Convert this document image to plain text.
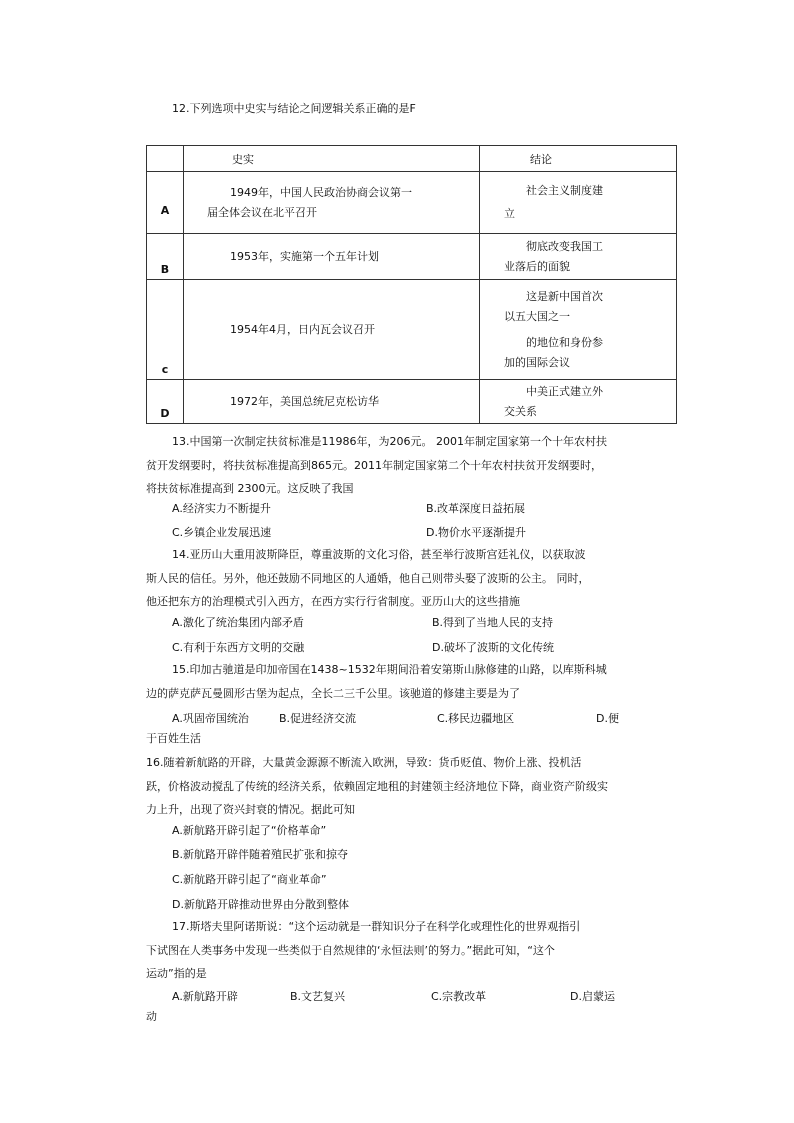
12.下列选项中史实与结论之间逻辑关系正确的是F
	史实	结论
A	1949年，中国人民政治协商会议第一
届全体会议在北平召开	社会主义制度建
立

B	1953年，实施第一个五年计划	彻底改变我国工
业落后的面貌

c	1954年4月，日内瓦会议召开	这是新中国首次
以五大国之一
的地位和身份参
加的国际会议

D	1972年，美国总统尼克松访华	中美正式建立外
交关系
13.中国第一次制定扶贫标准是11986年，为206元。 2001年制定国家第一个十年农村扶
贫开发纲要时，将扶贫标准提高到865元。2011年制定国家第二个十年农村扶贫开发纲要时，
将扶贫标准提高到 2300元。这反映了我国
A.经济实力不断提升	B.改革深度日益拓展
C.乡镇企业发展迅速	D.物价水平逐渐提升
14.亚历山大重用波斯降臣，尊重波斯的文化习俗，甚至举行波斯宫廷礼仪，以获取波
斯人民的信任。另外，他还鼓励不同地区的人通婚，他自己则带头娶了波斯的公主。 同时，
他还把东方的治理模式引入西方，在西方实行行省制度。亚历山大的这些措施
A.激化了统治集团内部矛盾	B.得到了当地人民的支持
C.有利于东西方文明的交融	D.破坏了波斯的文化传统
15.印加古驰道是印加帝国在1438~1532年期间沿着安第斯山脉修建的山路，以库斯科城
边的萨克萨瓦曼圆形古堡为起点，全长二三千公里。该驰道的修建主要是为了
A.巩固帝国统治	B.促进经济交流	C.移民边疆地区	D.便
于百姓生活
16.随着新航路的开辟，大量黄金源源不断流入欧洲，导致：货币贬值、物价上涨、投机活
跃，价格波动搅乱了传统的经济关系，依赖固定地租的封建领主经济地位下降，商业资产阶级实
力上升，出现了资兴封衰的情况。据此可知
A.新航路开辟引起了“价格革命”
B.新航路开辟伴随着殖民扩张和掠夺
C.新航路开辟引起了“商业革命”
D.新航路开辟推动世界由分散到整体
17.斯塔夫里阿诺斯说：“这个运动就是一群知识分子在科学化或理性化的世界观指引
下试图在人类事务中发现一些类似于自然规律的‘永恒法则’的努力。”据此可知，“这个
运动”指的是
A.新航路开辟	B.文艺复兴	C.宗教改革	D.启蒙运
动
